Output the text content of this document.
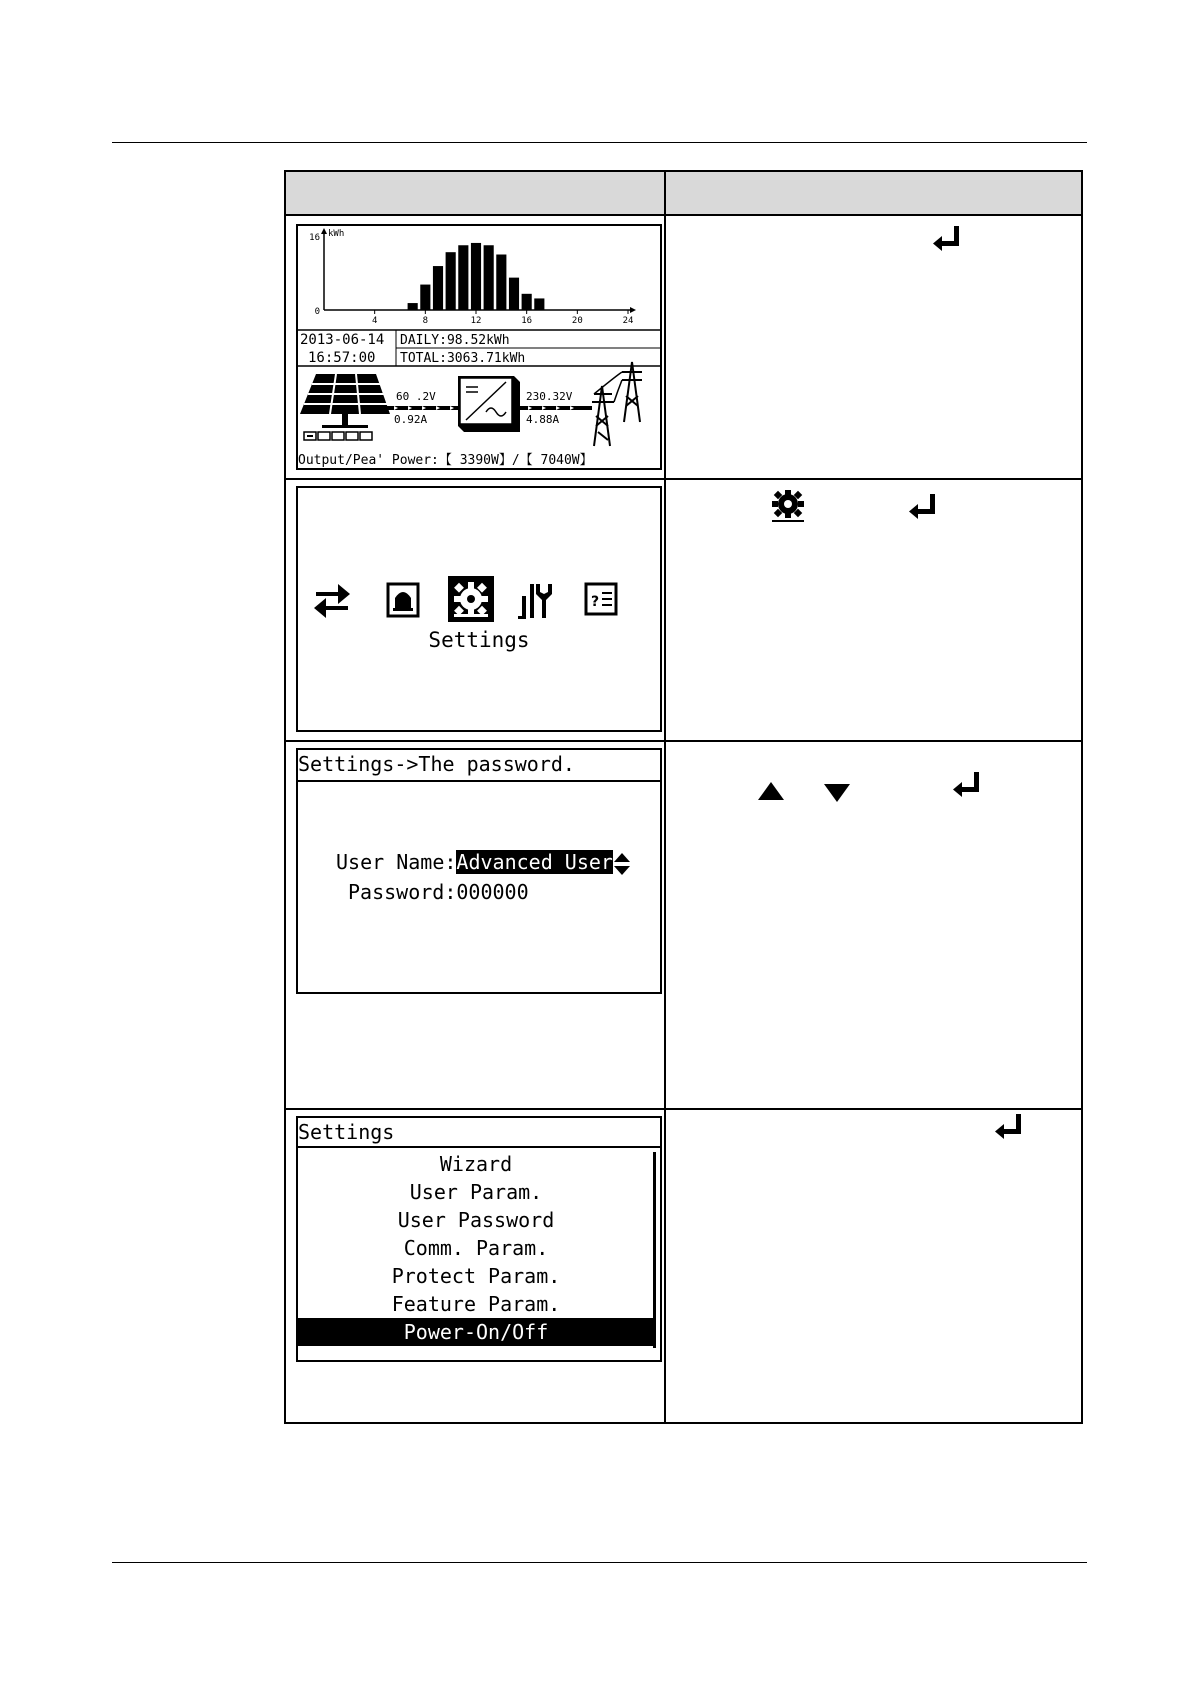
kWh
16
0
4	8	12	16	20	24
2013-06-14
16:57:00
DAILY:98.52kWh
TOTAL:3063.71kWh
60 .2V
0.92A
230.32V
4.88A
Output/Pea' Power:【 3390W】/【 7040W】
?
Settings
Settings->The password.
User Name:Advanced User
Password:000000
Settings
Wizard
User Param.
User Password
Comm. Param.
Protect Param.
Feature Param.
Power-On/Off
